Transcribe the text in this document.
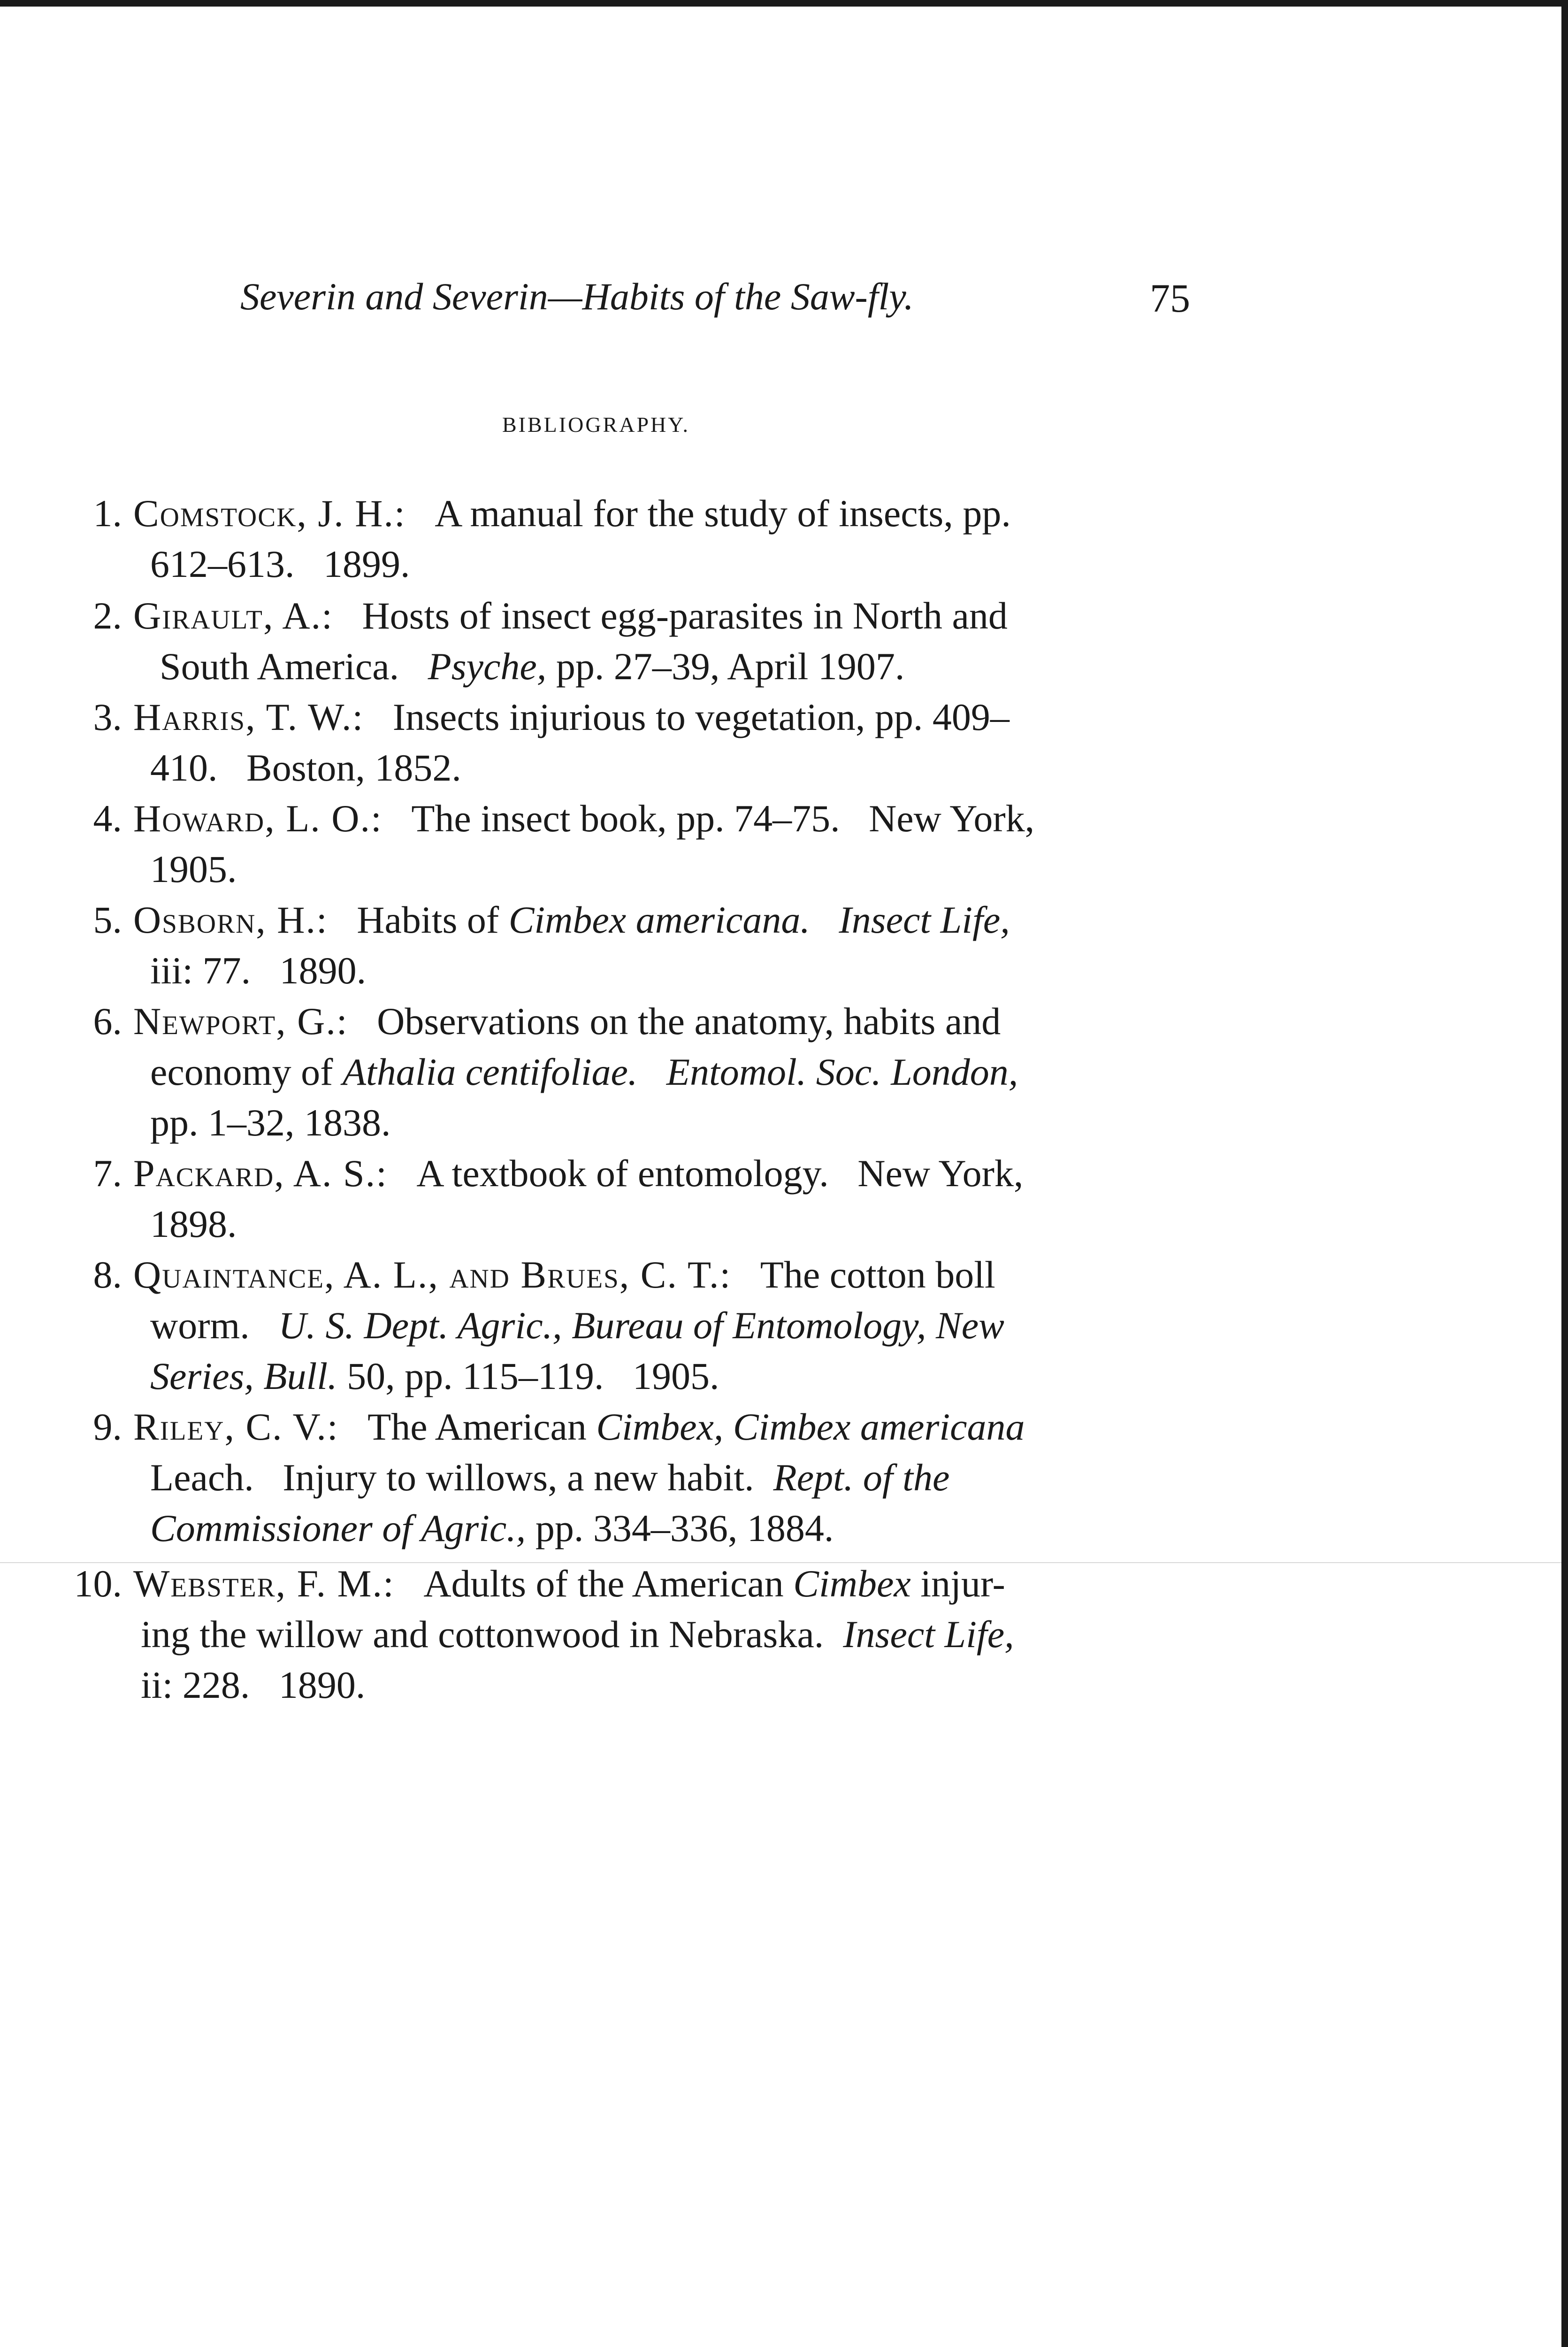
Severin and Severin—Habits of the Saw-fly.	75
BIBLIOGRAPHY.
1. Comstock, J. H.: A manual for the study of insects, pp.
612–613.   1899.
2. Girault, A.: Hosts of insect egg-parasites in North and
South America. Psyche, pp. 27–39, April 1907.
3. Harris, T. W.: Insects injurious to vegetation, pp. 409–
410.   Boston, 1852.
4. Howard, L. O.: The insect book, pp. 74–75.   New York,
1905.
5. Osborn, H.: Habits of Cimbex americana.   Insect Life,
iii: 77.   1890.
6. Newport, G.: Observations on the anatomy, habits and
economy of Athalia centifoliae.   Entomol. Soc. London,
pp. 1–32, 1838.
7. Packard, A. S.: A textbook of entomology.   New York,
1898.
8. Quaintance, A. L., and Brues, C. T.: The cotton boll
worm. U. S. Dept. Agric., Bureau of Entomology, New
Series, Bull. 50, pp. 115–119.   1905.
9. Riley, C. V.: The American Cimbex, Cimbex americana
Leach.   Injury to willows, a new habit. Rept. of the
Commissioner of Agric., pp. 334–336, 1884.
10. Webster, F. M.: Adults of the American Cimbex injur-
ing the willow and cottonwood in Nebraska. Insect Life,
ii: 228.   1890.
